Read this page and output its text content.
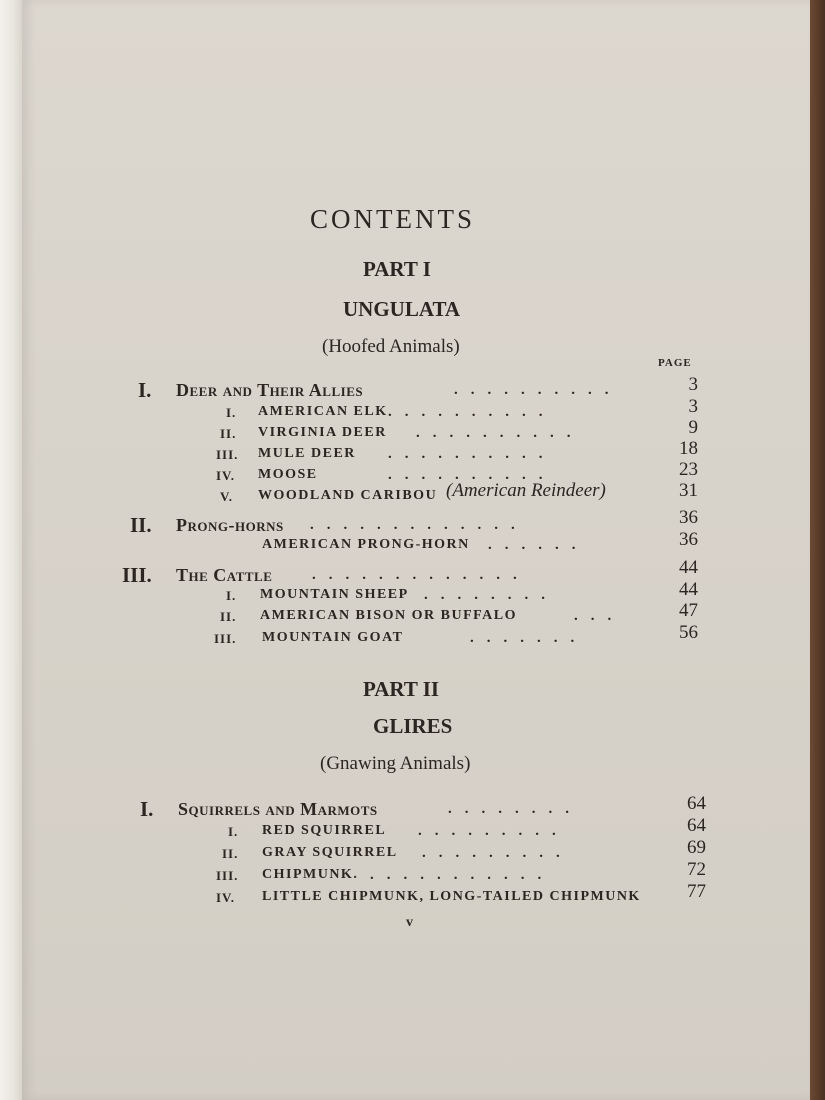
CONTENTS
PART I
UNGULATA
(Hoofed Animals)
PAGE
I. Deer and Their Allies	..........	3
I. AMERICAN ELK ..........	3
II. VIRGINIA DEER ..........	9
III. MULE DEER ..........	18
IV. MOOSE	..........	23
V. WOODLAND CARIBOU (American Reindeer)	31
II. Prong-horns .............	36
AMERICAN PRONG-HORN ......	36
III. The Cattle	.............	44
I. MOUNTAIN SHEEP ........	44
II. AMERICAN BISON OR BUFFALO	...	47
III. MOUNTAIN GOAT	.......	56
PART II
GLIRES
(Gnawing Animals)
I. Squirrels and Marmots	........	64
I. RED SQUIRREL .........	64
II. GRAY SQUIRREL .........	69
III. CHIPMUNK. ...........	72
IV. LITTLE CHIPMUNK, LONG-TAILED CHIPMUNK	77
v
